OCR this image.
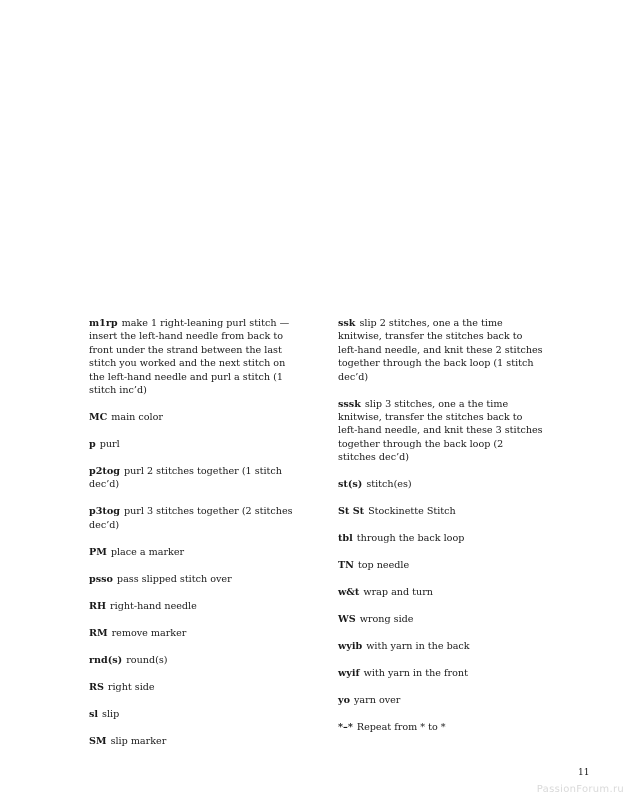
m1rp make 1 right-leaning purl stitch — insert the left-hand needle from back to front under the strand between the last stitch you worked and the next stitch on the left-hand needle and purl a stitch (1 stitch inc’d)

MC main color

p purl

p2tog purl 2 stitches together (1 stitch dec’d)

p3tog purl 3 stitches together (2 stitches dec’d)

PM place a marker

psso pass slipped stitch over

RH right-hand needle

RM remove marker

rnd(s) round(s)

RS right side

sl slip

SM slip marker

ssk slip 2 stitches, one a the time knitwise, transfer the stitches back to left-hand needle, and knit these 2 stitches together through the back loop (1 stitch dec’d)

sssk slip 3 stitches, one a the time knitwise, transfer the stitches back to left-hand needle, and knit these 3 stitches together through the back loop (2 stitches dec’d)

st(s) stitch(es)

St St Stockinette Stitch

tbl through the back loop

TN top needle

w&t wrap and turn

WS wrong side

wyib with yarn in the back

wyif with yarn in the front

yo yarn over

*–* Repeat from * to *

11
PassionForum.ru
